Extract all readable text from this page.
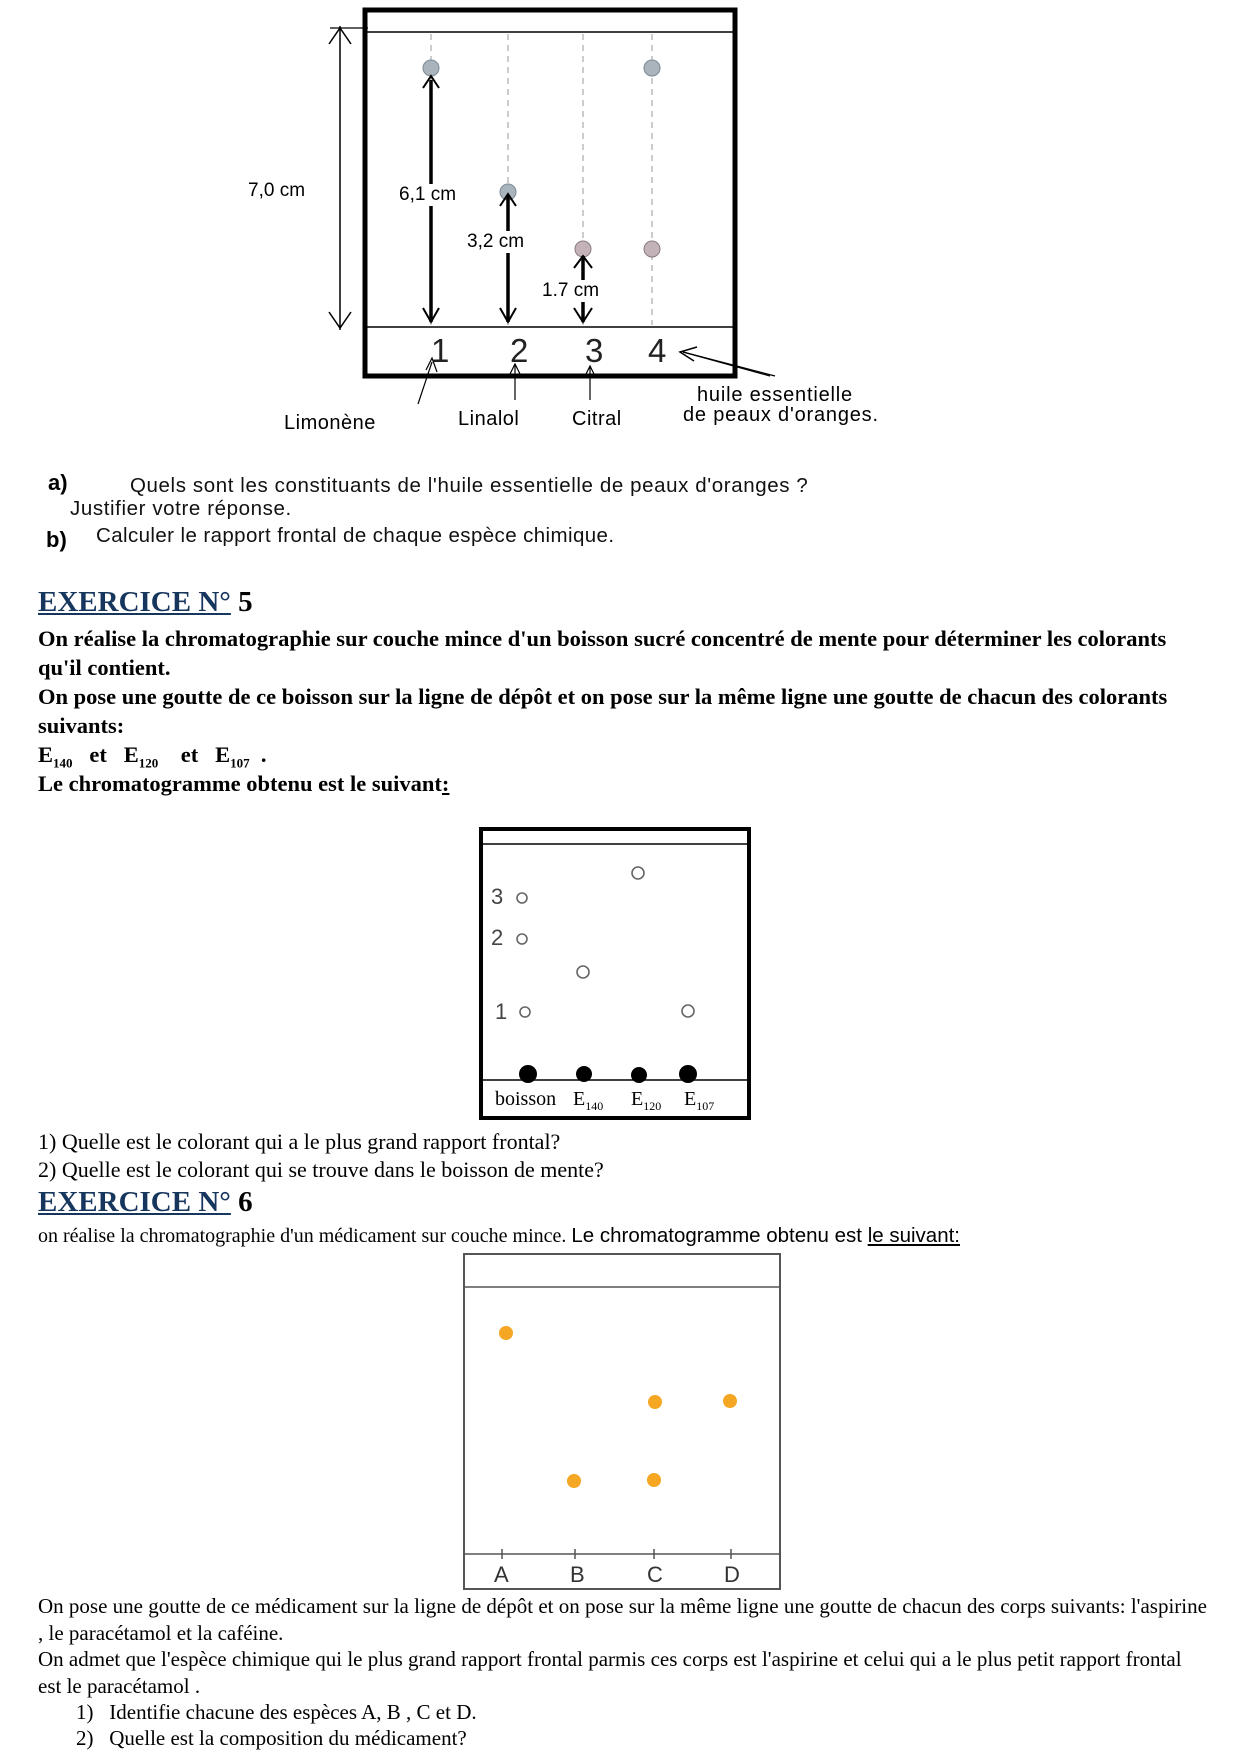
7,0 cm	6,1 cm
3,2 cm
1.7 cm
1 2 3 4
Limonène	Linalol	Citral
huile essentielle
de peaux d'oranges.
a)	Quels sont les constituants de l'huile essentielle de peaux d'oranges ?
Justifier votre réponse.
b) Calculer le rapport frontal de chaque espèce chimique.
EXERCICE N° 5
On réalise la chromatographie sur couche mince d'un boisson sucré concentré de mente pour déterminer les colorants qu'il contient.
On pose une goutte de ce boisson sur la ligne de dépôt et on pose sur la même ligne une goutte de chacun des colorants suivants:
$E_{140}$ et $E_{120}$ et $E_{107}$ .
Le chromatogramme obtenu est le suivant:
3
2
1
boisson $E_{140}$ $E_{120}$ $E_{107}$
1) Quelle est le colorant qui a le plus grand rapport frontal?
2) Quelle est le colorant qui se trouve dans le boisson de mente?
EXERCICE N° 6
on réalise la chromatographie d'un médicament sur couche mince. Le chromatogramme obtenu est le suivant:
A	B	C	D
On pose une goutte de ce médicament sur la ligne de dépôt et on pose sur la même ligne une goutte de chacun des corps suivants: l'aspirine , le paracétamol et la caféine.
On admet que l'espèce chimique qui le plus grand rapport frontal parmis ces corps est l'aspirine et celui qui a le plus petit rapport frontal est le paracétamol .
1) Identifie chacune des espèces A, B , C et D.
2) Quelle est la composition du médicament?
